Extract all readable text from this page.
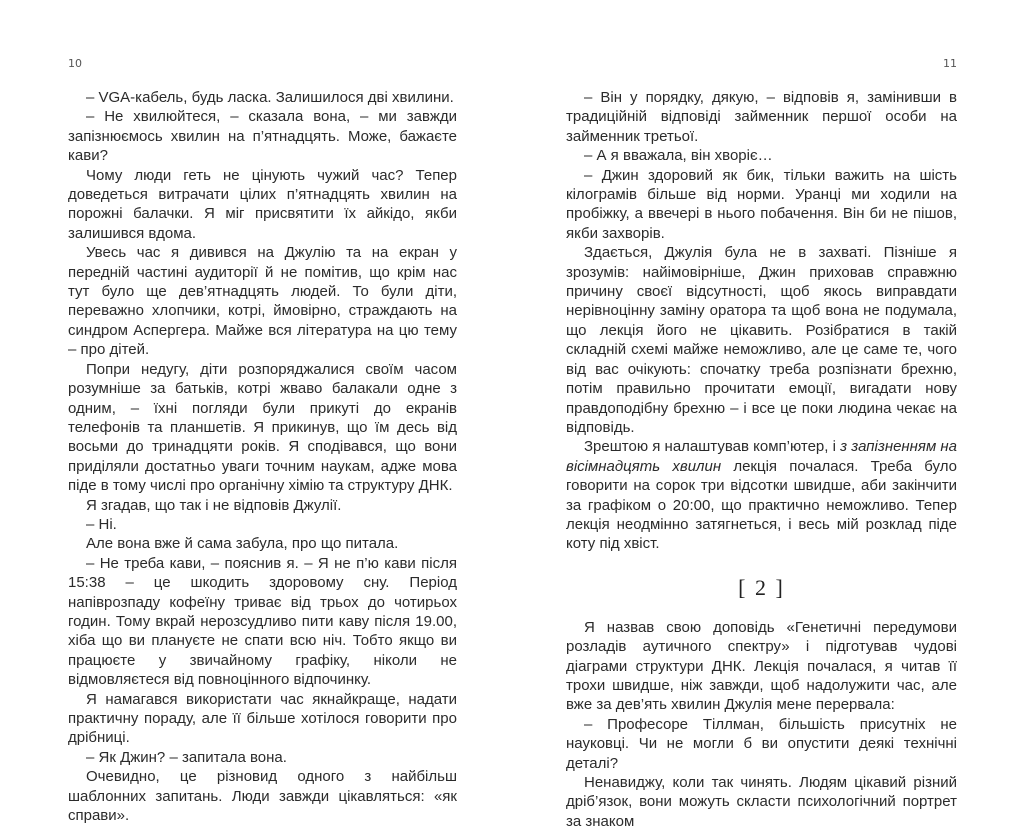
10

– VGA-кабель, будь ласка. Залишилося дві хвилини.

– Не хвилюйтеся, – сказала вона, – ми завжди запізнюємось хвилин на п’ятнадцять. Може, бажаєте кави?

Чому люди геть не цінують чужий час? Тепер доведеться витрачати цілих п’ятнадцять хвилин на порожні балачки. Я міг присвятити їх айкідо, якби залишився вдома.

Увесь час я дивився на Джулію та на екран у передній частині аудиторії й не помітив, що крім нас тут було ще дев’ятнадцять людей. То були діти, переважно хлопчики, котрі, ймовірно, страждають на синдром Аспергера. Майже вся література на цю тему – про дітей.

Попри недугу, діти розпоряджалися своїм часом розумніше за батьків, котрі жваво балакали одне з одним, – їхні погляди були прикуті до екранів телефонів та планшетів. Я прикинув, що їм десь від восьми до тринадцяти років. Я сподівався, що вони приділяли достатньо уваги точним наукам, адже мова піде в тому числі про органічну хімію та структуру ДНК.

Я згадав, що так і не відповів Джулії.

– Ні.

Але вона вже й сама забула, про що питала.

– Не треба кави, – пояснив я. – Я не п’ю кави після 15:38 – це шкодить здоровому сну. Період напіврозпаду кофеїну триває від трьох до чотирьох годин. Тому вкрай нерозсудливо пити каву після 19.00, хіба що ви плануєте не спати всю ніч. Тобто якщо ви працюєте у звичайному графіку, ніколи не відмовляєтеся від повноцінного відпочинку.

Я намагався використати час якнайкраще, надати практичну пораду, але її більше хотілося говорити про дрібниці.

– Як Джин? – запитала вона.

Очевидно, це різновид одного з найбільш шаблонних запитань. Люди завжди цікавляться: «як справи».

11

– Він у порядку, дякую, – відповів я, замінивши в традиційній відповіді займенник першої особи на займенник третьої.

– А я вважала, він хворіє…

– Джин здоровий як бик, тільки важить на шість кілограмів більше від норми. Уранці ми ходили на пробіжку, а ввечері в нього побачення. Він би не пішов, якби захворів.

Здається, Джулія була не в захваті. Пізніше я зрозумів: найімовірніше, Джин приховав справжню причину своєї відсутності, щоб якось виправдати нерівноцінну заміну оратора та щоб вона не подумала, що лекція його не цікавить. Розібратися в такій складній схемі майже неможливо, але це саме те, чого від вас очікують: спочатку треба розпізнати брехню, потім правильно прочитати емоції, вигадати нову правдоподібну брехню – і все це поки людина чекає на відповідь.

Зрештою я налаштував комп’ютер, і з запізненням на вісімнадцять хвилин лекція почалася. Треба було говорити на сорок три відсотки швидше, аби закінчити за графіком о 20:00, що практично неможливо. Тепер лекція неодмінно затягнеться, і весь мій розклад піде коту під хвіст.

[ 2 ]

Я назвав свою доповідь «Генетичні передумови розладів аутичного спектру» і підготував чудові діаграми структури ДНК. Лекція почалася, я читав її трохи швидше, ніж завжди, щоб надолужити час, але вже за дев’ять хвилин Джулія мене перервала:

– Професоре Тіллман, більшість присутніх не науковці. Чи не могли б ви опустити деякі технічні деталі?

Ненавиджу, коли так чинять. Людям цікавий різний дріб’язок, вони можуть скласти психологічний портрет за знаком
